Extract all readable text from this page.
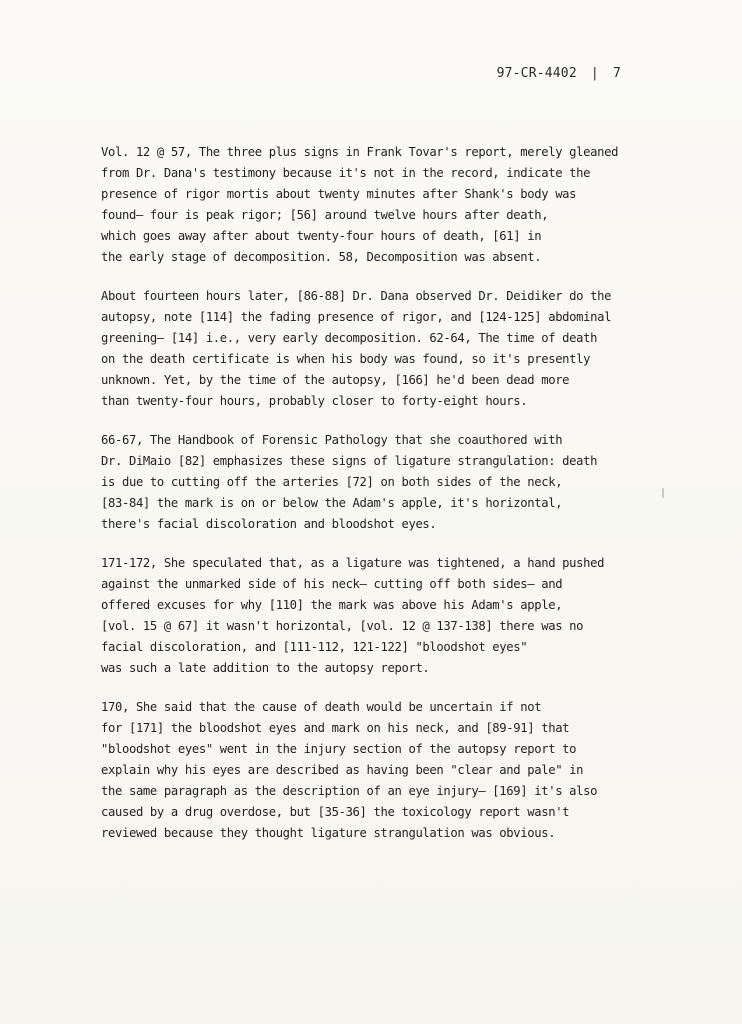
97-CR-4402 | 7
Vol. 12 @ 57, The three plus signs in Frank Tovar's report, merely gleaned
from Dr. Dana's testimony because it's not in the record, indicate the
presence of rigor mortis about twenty minutes after Shank's body was
found— four is peak rigor; [56] around twelve hours after death,
which goes away after about twenty-four hours of death, [61] in
the early stage of decomposition. 58, Decomposition was absent.
About fourteen hours later, [86-88] Dr. Dana observed Dr. Deidiker do the
autopsy, note [114] the fading presence of rigor, and [124-125] abdominal
greening— [14] i.e., very early decomposition. 62-64, The time of death
on the death certificate is when his body was found, so it's presently
unknown. Yet, by the time of the autopsy, [166] he'd been dead more
than twenty-four hours, probably closer to forty-eight hours.
66-67, The Handbook of Forensic Pathology that she coauthored with
Dr. DiMaio [82] emphasizes these signs of ligature strangulation: death
is due to cutting off the arteries [72] on both sides of the neck,
[83-84] the mark is on or below the Adam's apple, it's horizontal,
there's facial discoloration and bloodshot eyes.
171-172, She speculated that, as a ligature was tightened, a hand pushed
against the unmarked side of his neck— cutting off both sides— and
offered excuses for why [110] the mark was above his Adam's apple,
[vol. 15 @ 67] it wasn't horizontal, [vol. 12 @ 137-138] there was no
facial discoloration, and [111-112, 121-122] "bloodshot eyes"
was such a late addition to the autopsy report.
170, She said that the cause of death would be uncertain if not
for [171] the bloodshot eyes and mark on his neck, and [89-91] that
"bloodshot eyes" went in the injury section of the autopsy report to
explain why his eyes are described as having been "clear and pale" in
the same paragraph as the description of an eye injury— [169] it's also
caused by a drug overdose, but [35-36] the toxicology report wasn't
reviewed because they thought ligature strangulation was obvious.
